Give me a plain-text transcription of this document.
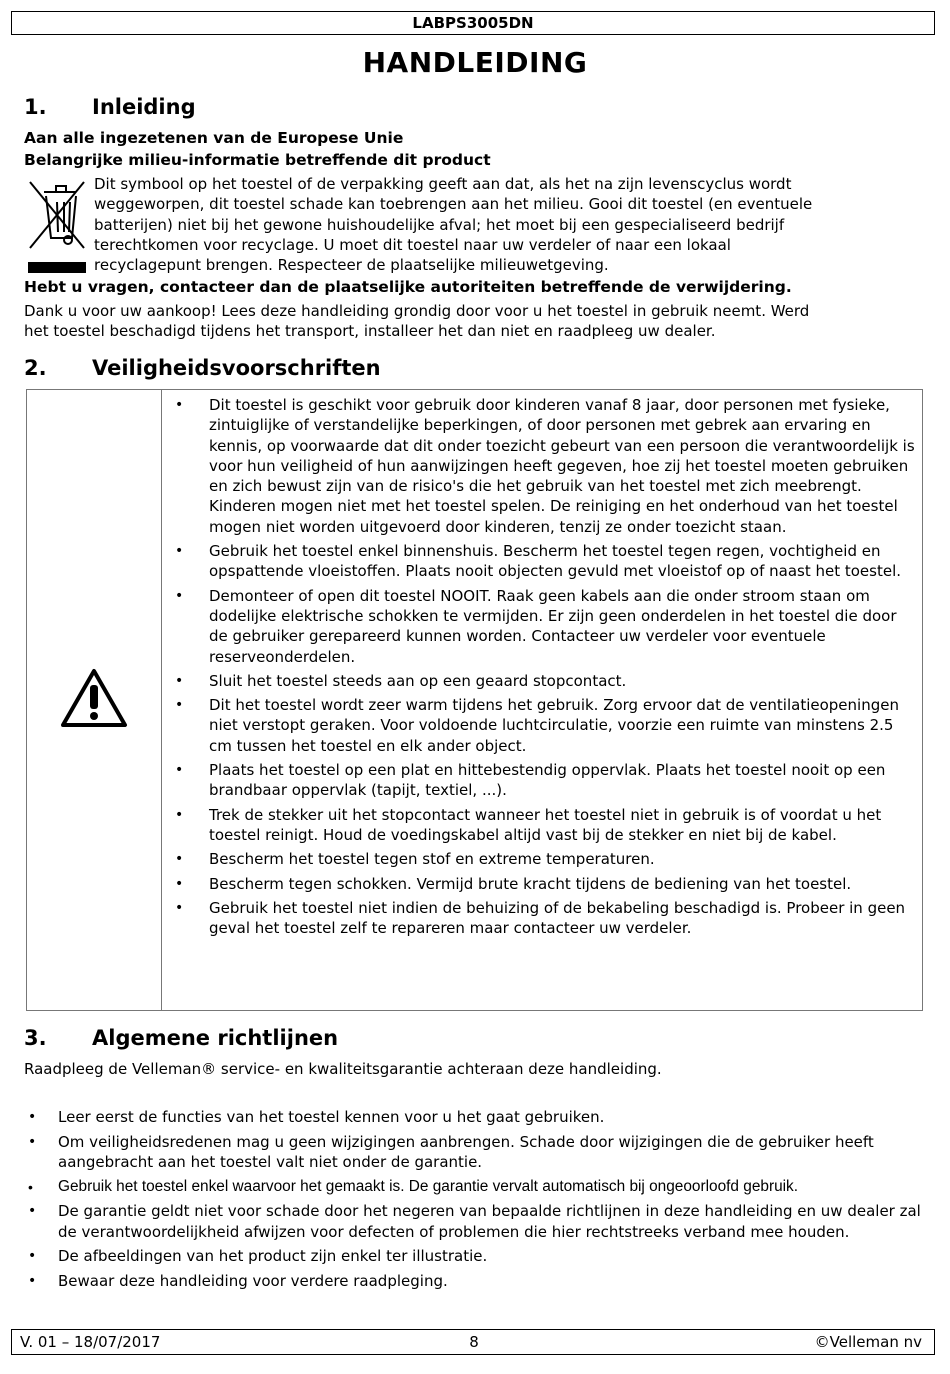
LABPS3005DN
HANDLEIDING
1. Inleiding
Aan alle ingezetenen van de Europese Unie
Belangrijke milieu-informatie betreffende dit product
Dit symbool op het toestel of de verpakking geeft aan dat, als het na zijn levenscyclus wordt
weggeworpen, dit toestel schade kan toebrengen aan het milieu. Gooi dit toestel (en eventuele
batterijen) niet bij het gewone huishoudelijke afval; het moet bij een gespecialiseerd bedrijf
terechtkomen voor recyclage. U moet dit toestel naar uw verdeler of naar een lokaal
recyclagepunt brengen. Respecteer de plaatselijke milieuwetgeving.
Hebt u vragen, contacteer dan de plaatselijke autoriteiten betreffende de verwijdering.
Dank u voor uw aankoop! Lees deze handleiding grondig door voor u het toestel in gebruik neemt. Werd
het toestel beschadigd tijdens het transport, installeer het dan niet en raadpleeg uw dealer.
2. Veiligheidsvoorschriften
• Dit toestel is geschikt voor gebruik door kinderen vanaf 8 jaar, door personen met fysieke, zintuiglijke of verstandelijke beperkingen, of door personen met gebrek aan ervaring en kennis, op voorwaarde dat dit onder toezicht gebeurt van een persoon die verantwoordelijk is voor hun veiligheid of hun aanwijzingen heeft gegeven, hoe zij het toestel moeten gebruiken en zich bewust zijn van de risico's die het gebruik van het toestel met zich meebrengt. Kinderen mogen niet met het toestel spelen. De reiniging en het onderhoud van het toestel mogen niet worden uitgevoerd door kinderen, tenzij ze onder toezicht staan.
• Gebruik het toestel enkel binnenshuis. Bescherm het toestel tegen regen, vochtigheid en opspattende vloeistoffen. Plaats nooit objecten gevuld met vloeistof op of naast het toestel.
• Demonteer of open dit toestel NOOIT. Raak geen kabels aan die onder stroom staan om dodelijke elektrische schokken te vermijden. Er zijn geen onderdelen in het toestel die door de gebruiker gerepareerd kunnen worden. Contacteer uw verdeler voor eventuele reserveonderdelen.
• Sluit het toestel steeds aan op een geaard stopcontact.
• Dit het toestel wordt zeer warm tijdens het gebruik. Zorg ervoor dat de ventilatieopeningen niet verstopt geraken. Voor voldoende luchtcirculatie, voorzie een ruimte van minstens 2.5 cm tussen het toestel en elk ander object.
• Plaats het toestel op een plat en hittebestendig oppervlak. Plaats het toestel nooit op een brandbaar oppervlak (tapijt, textiel, ...).
• Trek de stekker uit het stopcontact wanneer het toestel niet in gebruik is of voordat u het toestel reinigt. Houd de voedingskabel altijd vast bij de stekker en niet bij de kabel.
• Bescherm het toestel tegen stof en extreme temperaturen.
• Bescherm tegen schokken. Vermijd brute kracht tijdens de bediening van het toestel.
• Gebruik het toestel niet indien de behuizing of de bekabeling beschadigd is. Probeer in geen geval het toestel zelf te repareren maar contacteer uw verdeler.
3. Algemene richtlijnen
Raadpleeg de Velleman® service- en kwaliteitsgarantie achteraan deze handleiding.
• Leer eerst de functies van het toestel kennen voor u het gaat gebruiken.
• Om veiligheidsredenen mag u geen wijzigingen aanbrengen. Schade door wijzigingen die de gebruiker heeft aangebracht aan het toestel valt niet onder de garantie.
• Gebruik het toestel enkel waarvoor het gemaakt is. De garantie vervalt automatisch bij ongeoorloofd gebruik.
• De garantie geldt niet voor schade door het negeren van bepaalde richtlijnen in deze handleiding en uw dealer zal de verantwoordelijkheid afwijzen voor defecten of problemen die hier rechtstreeks verband mee houden.
• De afbeeldingen van het product zijn enkel ter illustratie.
• Bewaar deze handleiding voor verdere raadpleging.
V. 01 – 18/07/2017	8	©Velleman nv
